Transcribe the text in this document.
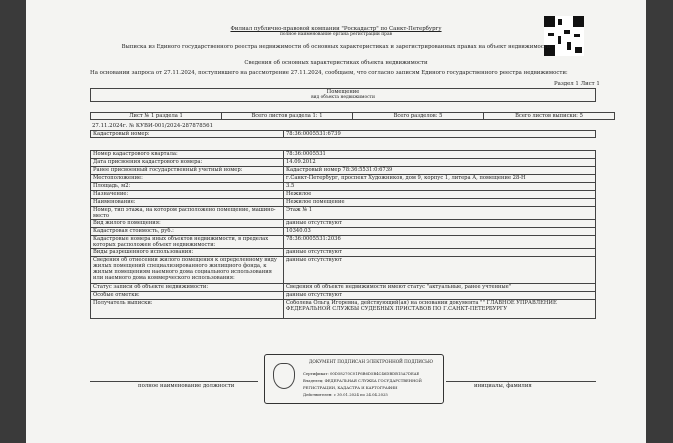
Филиал публично-правовой компании "Роскадастр" по Санкт-Петербургу
полное наименование органа регистрации прав
Выписка из Единого государственного реестра недвижимости об основных характеристиках и зарегистрированных правах на объект недвижимости
Сведения об основных характеристиках объекта недвижимости
На основании запроса от 27.11.2024, поступившего на рассмотрение 27.11.2024, сообщаем, что согласно записям Единого государственного реестра недвижимости:
Раздел 1 Лист 1
Помещение
вид объекта недвижимости
Лист № 1 раздела 1	Всего листов раздела 1: 1	Всего разделов: 5	Всего листов выписки: 5
27.11.2024г. № КУВИ-001/2024-287878561
Кадастровый номер:	78:36:0005531:6739
Номер кадастрового квартала:	78:36:0005531
Дата присвоения кадастрового номера:	14.09.2012
Ранее присвоенный государственный учетный номер:	Кадастровый номер 78:36:5531:0:6739
Местоположение:	г.Санкт-Петербург, проспект Художников, дом 9, корпус 1, литера А, помещение 28-Н
Площадь, м2:	3.5
Назначение:	Нежилое
Наименование:	Нежилое помещение
Номер, тип этажа, на котором расположено помещение, машино-место	Этаж № 1
Вид жилого помещения:	данные отсутствуют
Кадастровая стоимость, руб.:	10340.03
Кадастровые номера иных объектов недвижимости, в пределах которых расположен объект недвижимости:	78:36:0005531:2036
Виды разрешенного использования:	данные отсутствуют
Сведения об отнесении жилого помещения к определенному виду жилых помещений специализированного жилищного фонда, к жилым помещениям наемного дома социального использования или наемного дома коммерческого использования:	данные отсутствуют
Статус записи об объекте недвижимости:	Сведения об объекте недвижимости имеют статус "актуальные, ранее учтенные"
Особые отметки:	данные отсутствуют
Получатель выписки:	Соболева Ольга Игоревна, действующий(ая) на основании документа "" ГЛАВНОЕ УПРАВЛЕНИЕ ФЕДЕРАЛЬНОЙ СЛУЖБЫ СУДЕБНЫХ ПРИСТАВОВ ПО Г.САНКТ-ПЕТЕРБУРГУ
ДОКУМЕНТ ПОДПИСАН ЭЛЕКТРОННОЙ ПОДПИСЬЮ
Сертификат: 00D58270C01F6B6D5B4C46DBDB15A7DEAE
Владелец: ФЕДЕРАЛЬНАЯ СЛУЖБА ГОСУДАРСТВЕННОЙ
РЕГИСТРАЦИИ, КАДАСТРА И КАРТОГРАФИИ
Действителен: с 30.01.2024 по 24.04.2025
полное наименование должности	инициалы, фамилия
